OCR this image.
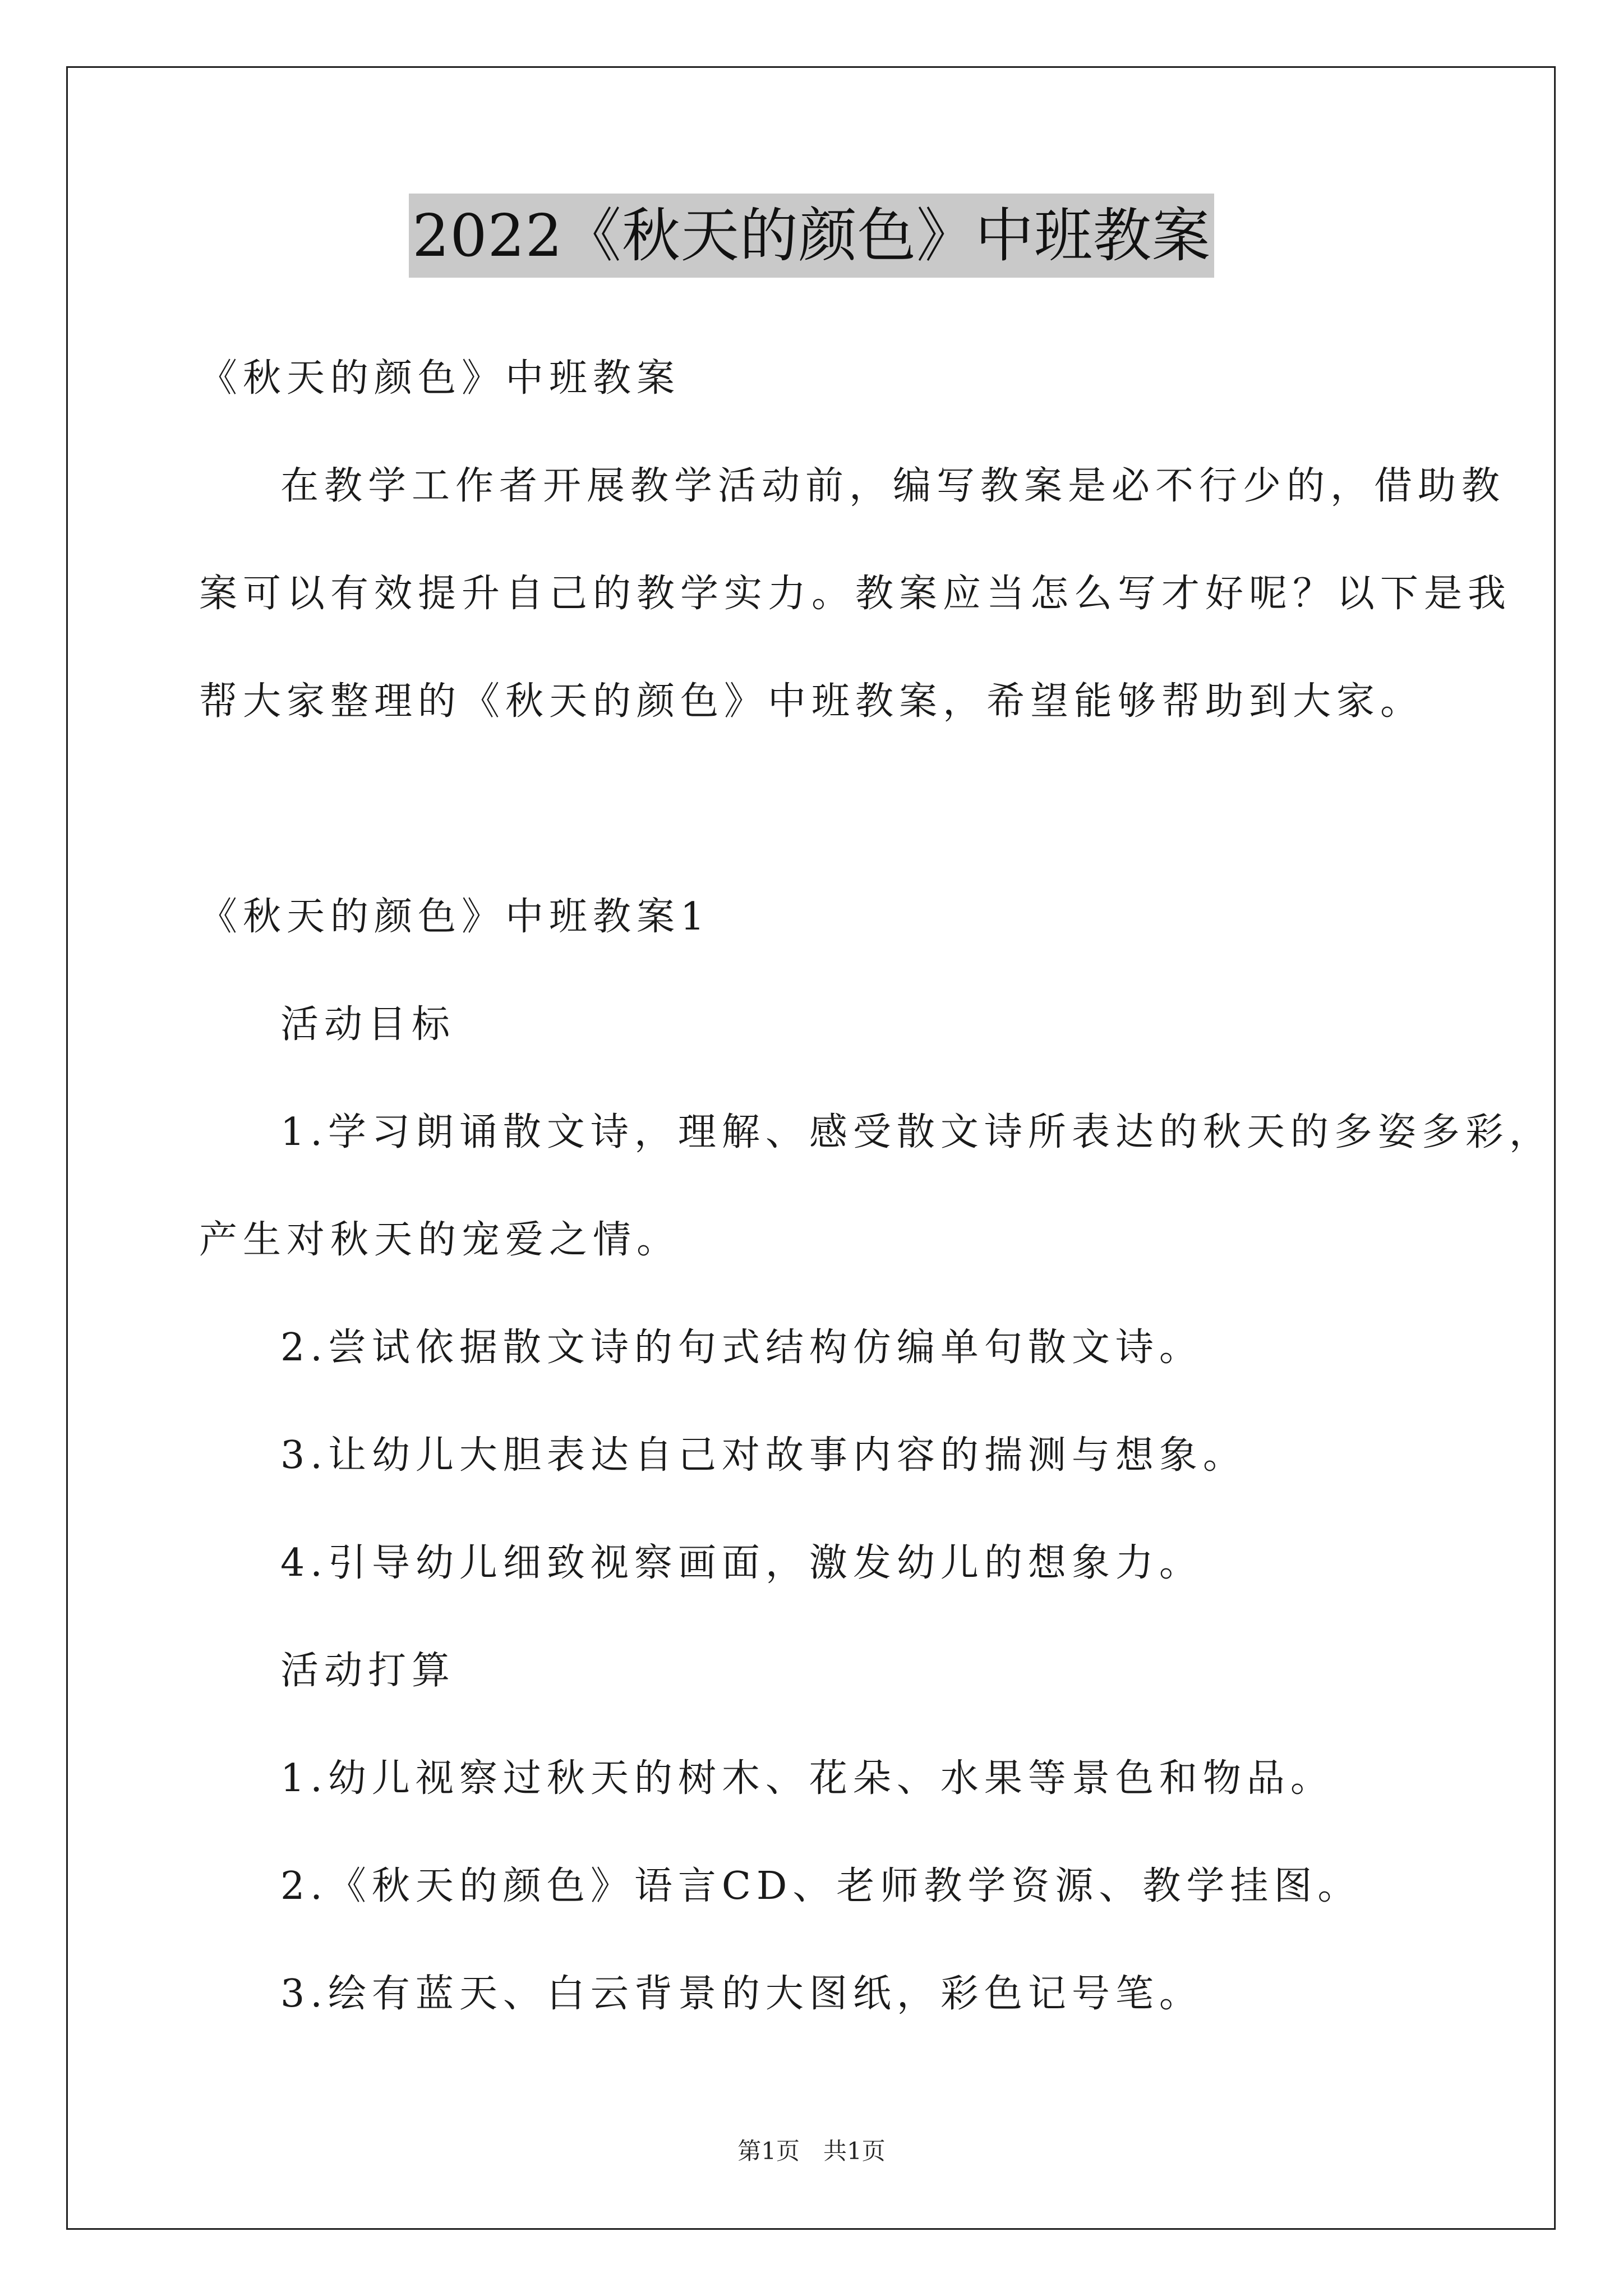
2022《秋天的颜色》中班教案
《秋天的颜色》中班教案
在教学工作者开展教学活动前，编写教案是必不行少的，借助教
案可以有效提升自己的教学实力。教案应当怎么写才好呢？以下是我
帮大家整理的《秋天的颜色》中班教案，希望能够帮助到大家。
《秋天的颜色》中班教案1
活动目标
1.学习朗诵散文诗，理解、感受散文诗所表达的秋天的多姿多彩，
产生对秋天的宠爱之情。
2.尝试依据散文诗的句式结构仿编单句散文诗。
3.让幼儿大胆表达自己对故事内容的揣测与想象。
4.引导幼儿细致视察画面，激发幼儿的想象力。
活动打算
1.幼儿视察过秋天的树木、花朵、水果等景色和物品。
2.《秋天的颜色》语言CD、老师教学资源、教学挂图。
3.绘有蓝天、白云背景的大图纸，彩色记号笔。
第1页　共1页
